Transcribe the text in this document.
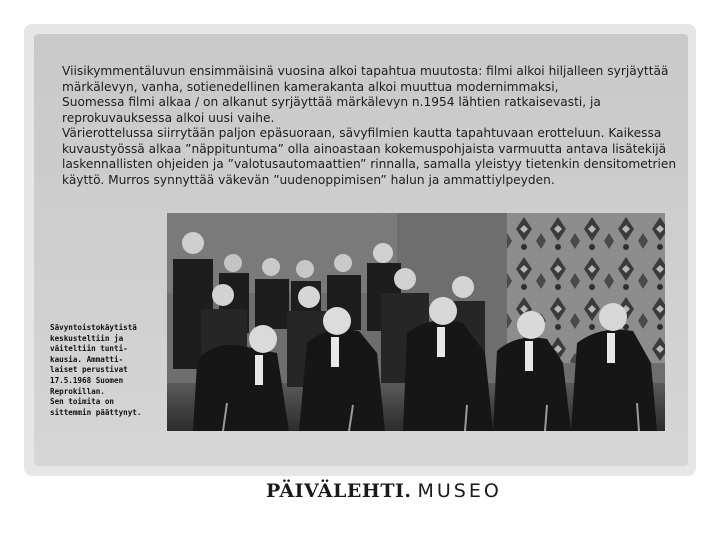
Viisikymmentäluvun ensimmäisinä vuosina alkoi tapahtua muutosta: filmi alkoi hiljalleen syrjäyttää
märkälevyn, vanha, sotienedellinen kamerakanta alkoi muuttua modernimmaksi,
Suomessa filmi alkaa / on alkanut syrjäyttää märkälevyn n.1954 lähtien ratkaisevasti, ja
reprokuvauksessa alkoi uusi vaihe.
Värierottelussa siirrytään paljon epäsuoraan, sävyfilmien kautta tapahtuvaan erotteluun. Kaikessa
kuvaustyössä alkaa ”näppituntuma” olla ainoastaan kokemuspohjaista varmuutta antava lisätekijä
laskennallisten ohjeiden ja ”valotusautomaattien” rinnalla, samalla yleistyy tietenkin densitometrien
käyttö. Murros synnyttää väkevän ”uudenoppimisen” halun ja ammattiylpeyden.

Sävyntoistokäytistä
keskusteltiin ja
väiteltiin tunti-
kausia. Ammatti-
laiset perustivat
17.5.1968 Suomen
Reprokillan.
Sen toimita on
sittemmin päättynyt.
PÄIVÄLEHTI. MUSEO
